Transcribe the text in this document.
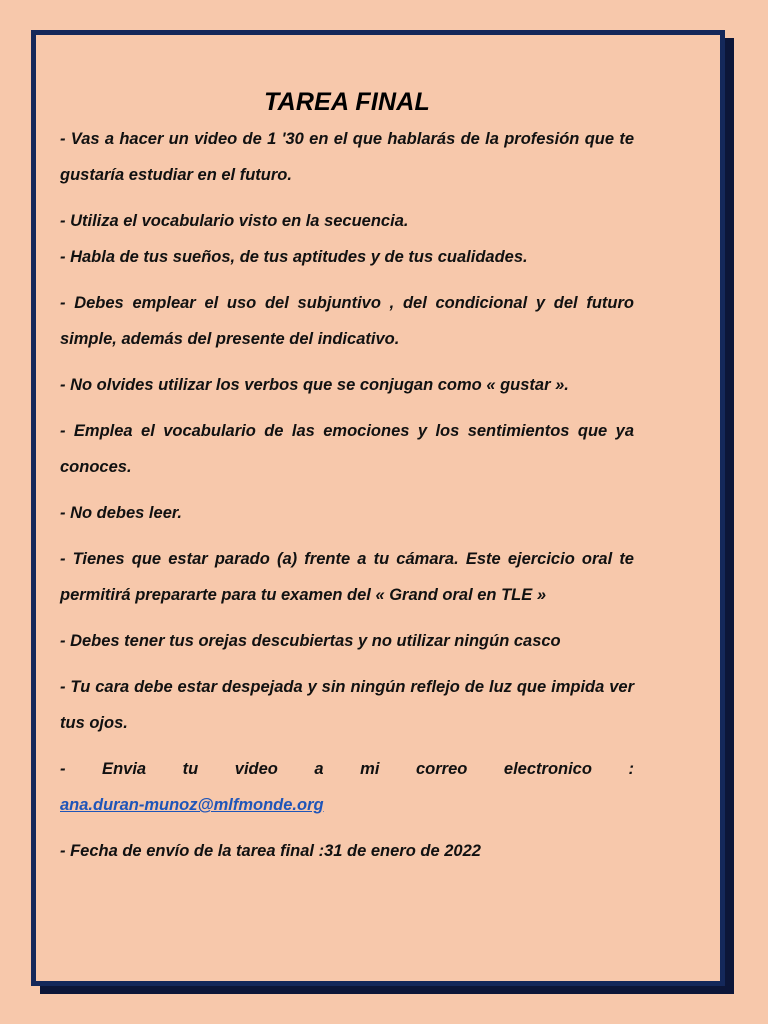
TAREA FINAL

- Vas a hacer un video de 1 '30 en el que hablarás de la profesión que te gustaría estudiar en el futuro.

- Utiliza el vocabulario visto en la secuencia.

- Habla de tus sueños, de tus aptitudes y de tus cualidades.

- Debes emplear el uso del subjuntivo , del condicional y del futuro simple, además del presente del indicativo.

- No olvides utilizar los verbos que se conjugan como « gustar ».

- Emplea el vocabulario de las emociones y los sentimientos que ya conoces.

- No debes leer.

- Tienes que estar parado (a) frente a tu cámara. Este ejercicio oral te permitirá prepararte para tu examen del « Grand oral en TLE »

- Debes tener tus orejas descubiertas y no utilizar ningún casco

- Tu cara debe estar despejada y sin ningún reflejo de luz que impida ver tus ojos.

- Envia tu video a mi correo electronico : ana.duran-munoz@mlfmonde.org

- Fecha de envío de la tarea final :31 de enero de 2022
